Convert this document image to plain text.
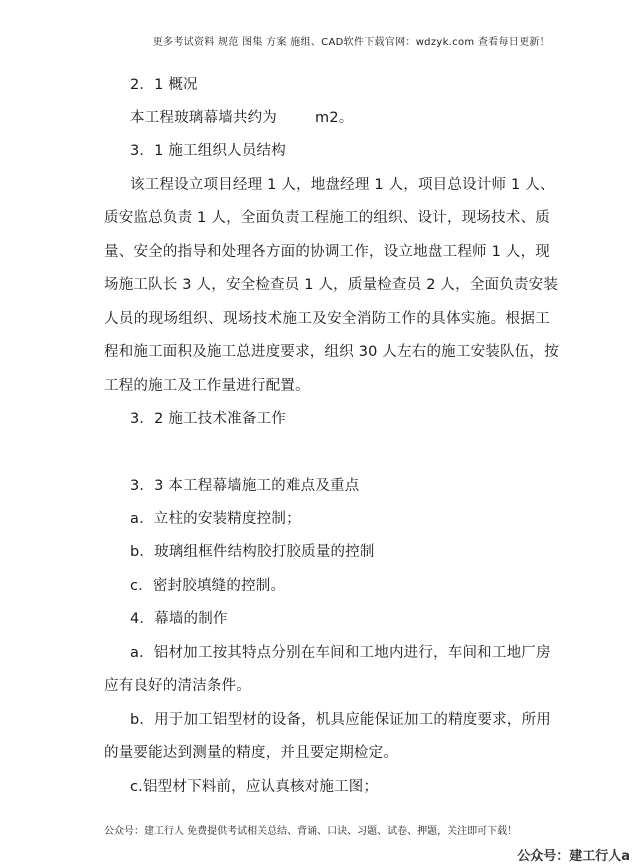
更多考试资料 规范 图集 方案 施组、CAD软件下载官网：wdzyk.com 查看每日更新！
2．1 概况
本工程玻璃幕墙共约为	m2。
3．1 施工组织人员结构
该工程设立项目经理 1 人，地盘经理 1 人，项目总设计师 1 人、
质安监总负责 1 人，全面负责工程施工的组织、设计，现场技术、质
量、安全的指导和处理各方面的协调工作，设立地盘工程师 1 人，现
场施工队长 3 人，安全检查员 1 人，质量检查员 2 人，全面负责安装
人员的现场组织、现场技术施工及安全消防工作的具体实施。根据工
程和施工面积及施工总进度要求，组织 30 人左右的施工安装队伍，按
工程的施工及工作量进行配置。
3．2 施工技术准备工作
3．3 本工程幕墙施工的难点及重点
a．立柱的安装精度控制；
b．玻璃组框件结构胶打胶质量的控制
c．密封胶填缝的控制。
4．幕墙的制作
a．铝材加工按其特点分别在车间和工地内进行，车间和工地厂房
应有良好的清洁条件。
b．用于加工铝型材的设备，机具应能保证加工的精度要求，所用
的量要能达到测量的精度，并且要定期检定。
c.铝型材下料前，应认真核对施工图；
公众号：建工行人 免费提供考试相关总结、背诵、口诀、习题、试卷、押题，关注即可下载！
公众号：建工行人a
